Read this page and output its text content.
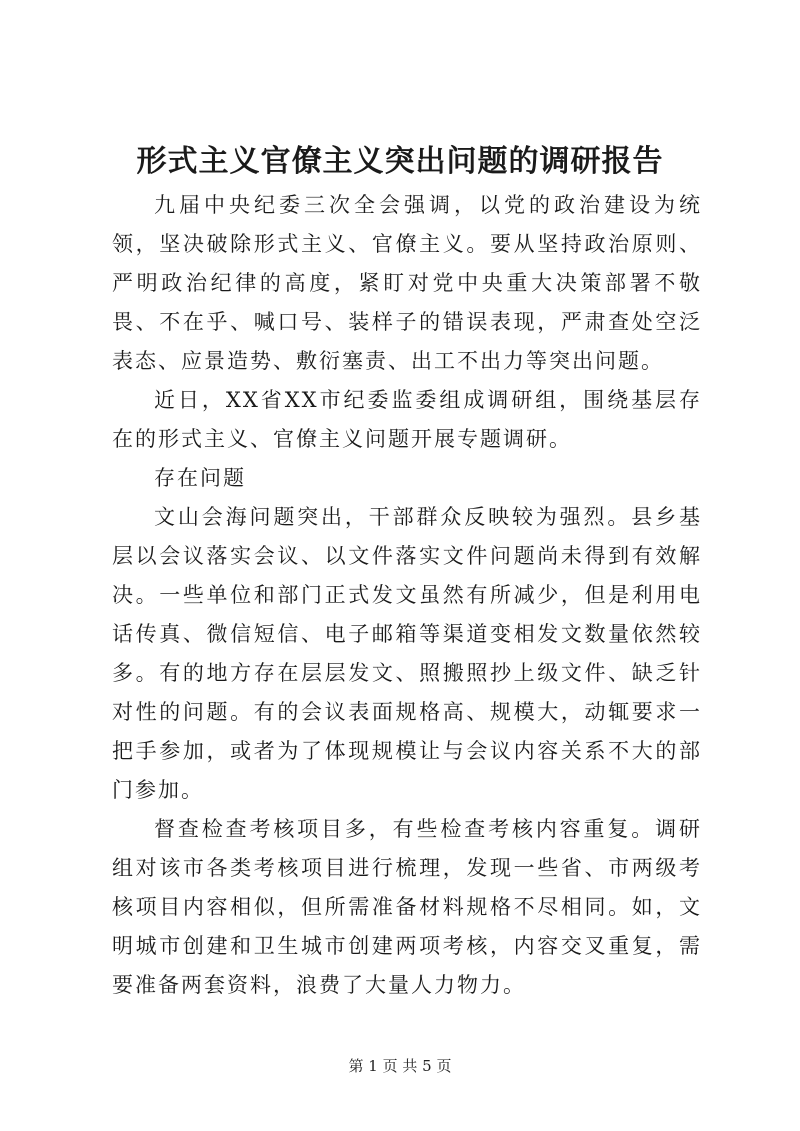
形式主义官僚主义突出问题的调研报告

九届中央纪委三次全会强调，以党的政治建设为统领，坚决破除形式主义、官僚主义。要从坚持政治原则、严明政治纪律的高度，紧盯对党中央重大决策部署不敬畏、不在乎、喊口号、装样子的错误表现，严肃查处空泛表态、应景造势、敷衍塞责、出工不出力等突出问题。

近日，XX省XX市纪委监委组成调研组，围绕基层存在的形式主义、官僚主义问题开展专题调研。

存在问题

文山会海问题突出，干部群众反映较为强烈。县乡基层以会议落实会议、以文件落实文件问题尚未得到有效解决。一些单位和部门正式发文虽然有所减少，但是利用电话传真、微信短信、电子邮箱等渠道变相发文数量依然较多。有的地方存在层层发文、照搬照抄上级文件、缺乏针对性的问题。有的会议表面规格高、规模大，动辄要求一把手参加，或者为了体现规模让与会议内容关系不大的部门参加。

督查检查考核项目多，有些检查考核内容重复。调研组对该市各类考核项目进行梳理，发现一些省、市两级考核项目内容相似，但所需准备材料规格不尽相同。如，文明城市创建和卫生城市创建两项考核，内容交叉重复，需要准备两套资料，浪费了大量人力物力。

第 1 页 共 5 页
